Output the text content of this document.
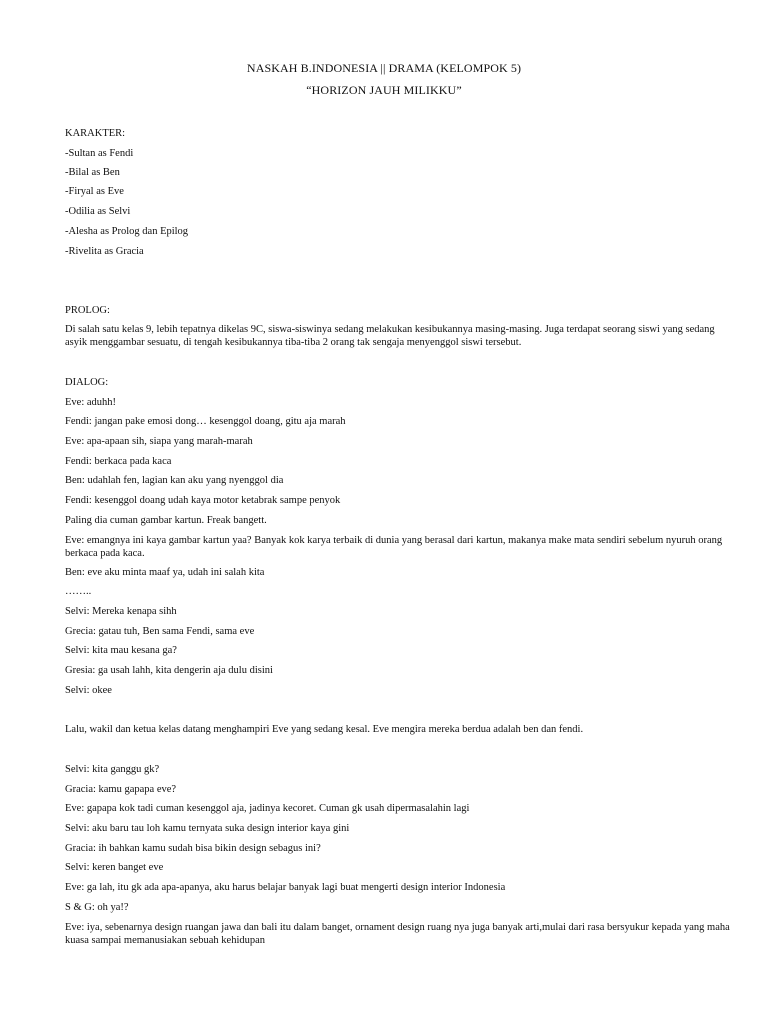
NASKAH B.INDONESIA || DRAMA (KELOMPOK 5)
“HORIZON JAUH MILIKKU”
KARAKTER:
-Sultan as Fendi
-Bilal as Ben
-Firyal as Eve
-Odilia as Selvi
-Alesha as Prolog dan Epilog
-Rivelita as Gracia
PROLOG:
Di salah satu kelas 9, lebih tepatnya dikelas 9C, siswa-siswinya sedang melakukan kesibukannya masing-masing. Juga terdapat seorang siswi yang sedang asyik menggambar sesuatu, di tengah kesibukannya tiba-tiba 2 orang tak sengaja menyenggol siswi tersebut.
DIALOG:
Eve: aduhh!
Fendi: jangan pake emosi dong… kesenggol doang, gitu aja marah
Eve: apa-apaan sih, siapa yang marah-marah
Fendi: berkaca pada kaca
Ben: udahlah fen, lagian kan aku yang nyenggol dia
Fendi: kesenggol doang udah kaya motor ketabrak sampe penyok
Paling dia cuman gambar kartun. Freak bangett.
Eve: emangnya ini kaya gambar kartun yaa? Banyak kok karya terbaik di dunia yang berasal dari kartun, makanya make mata sendiri sebelum nyuruh orang berkaca pada kaca.
Ben: eve aku minta maaf ya, udah ini salah kita
……..
Selvi: Mereka kenapa sihh
Grecia: gatau tuh, Ben sama Fendi, sama eve
Selvi: kita mau kesana ga?
Gresia: ga usah lahh, kita dengerin aja dulu disini
Selvi: okee
Lalu, wakil dan ketua kelas datang menghampiri Eve yang sedang kesal. Eve mengira mereka berdua adalah ben dan fendi.
Selvi: kita ganggu gk?
Gracia: kamu gapapa eve?
Eve: gapapa kok tadi cuman kesenggol aja, jadinya kecoret. Cuman gk usah dipermasalahin lagi
Selvi: aku baru tau loh kamu ternyata suka design interior kaya gini
Gracia: ih bahkan kamu sudah bisa bikin design sebagus ini?
Selvi: keren banget eve
Eve: ga lah, itu gk ada apa-apanya, aku harus belajar banyak lagi buat mengerti design interior Indonesia
S & G: oh ya!?
Eve: iya, sebenarnya design ruangan jawa dan bali itu dalam banget, ornament design ruang nya juga banyak arti,mulai dari rasa bersyukur kepada yang maha kuasa sampai memanusiakan sebuah kehidupan
